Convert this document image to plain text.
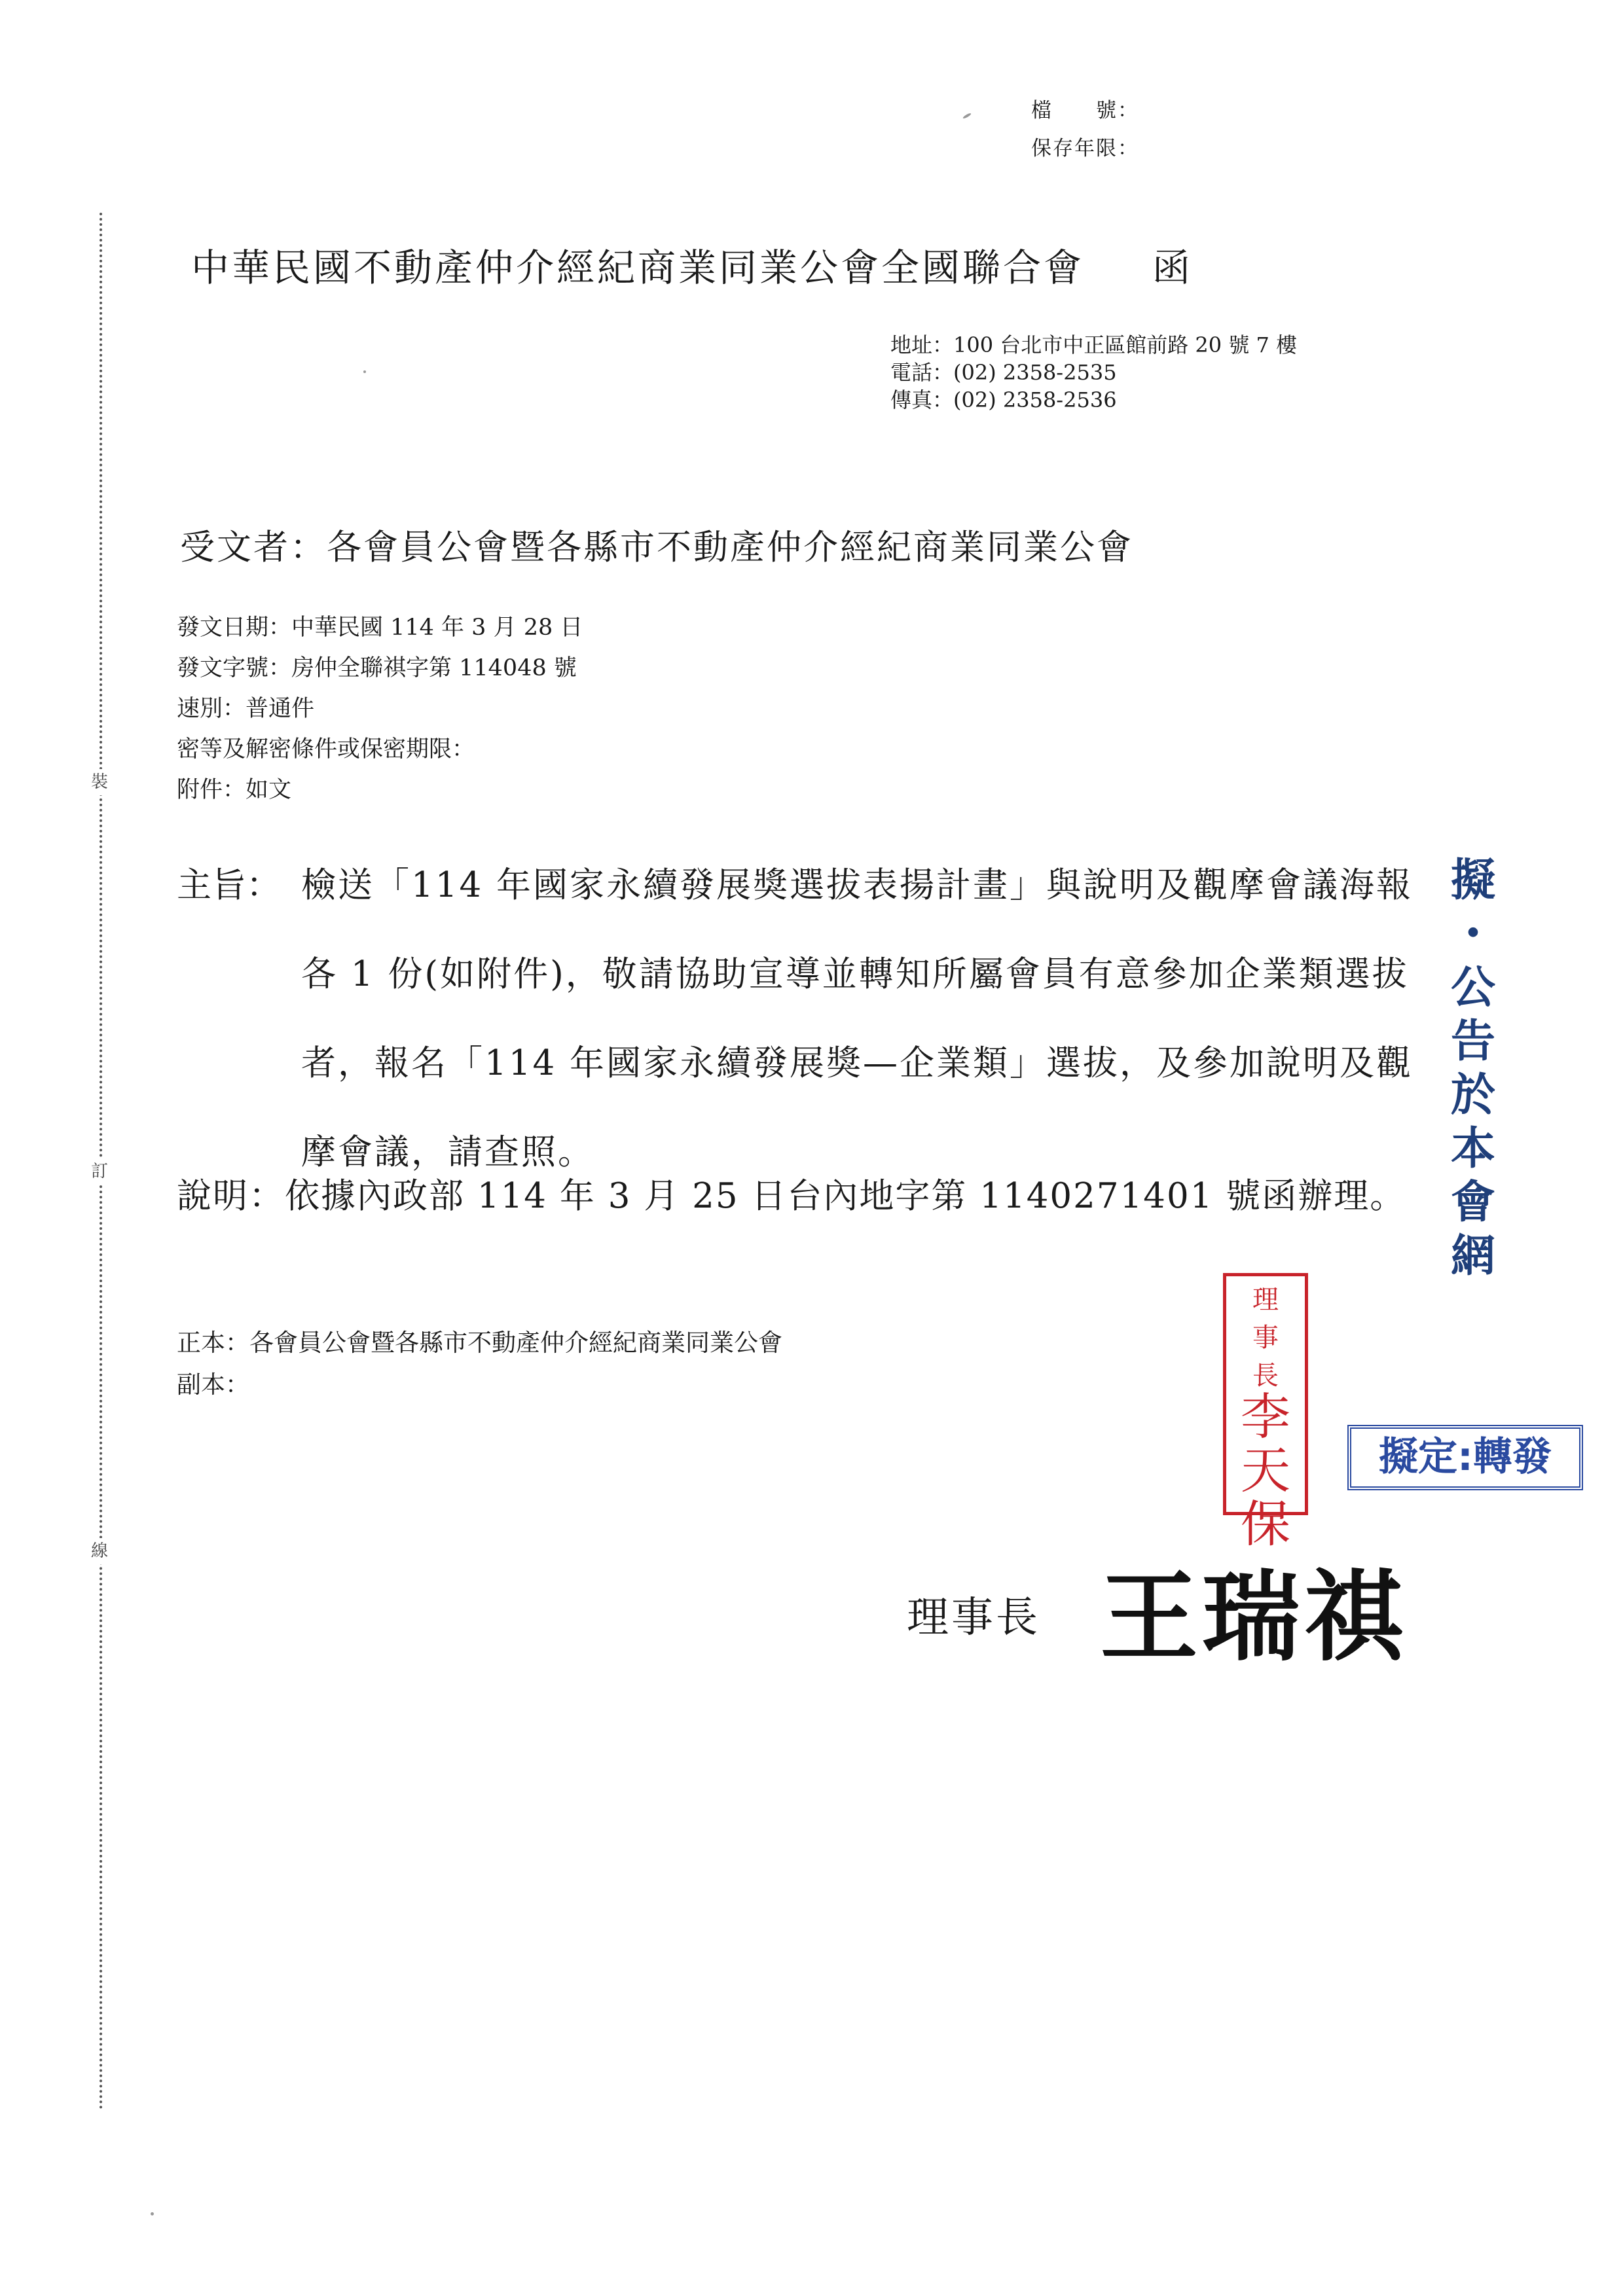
裝
訂
線
檔　　號：
保存年限：
中華民國不動產仲介經紀商業同業公會全國聯合會 函
地址：100 台北市中正區館前路 20 號 7 樓
電話：(02) 2358-2535
傳真：(02) 2358-2536
受文者：各會員公會暨各縣市不動產仲介經紀商業同業公會
發文日期：中華民國 114 年 3 月 28 日
發文字號：房仲全聯祺字第 114048 號
速別：普通件
密等及解密條件或保密期限：
附件：如文
主旨： 檢送「114 年國家永續發展獎選拔表揚計畫」與說明及觀摩會議海報各 1 份(如附件)，敬請協助宣導並轉知所屬會員有意參加企業類選拔者，報名「114 年國家永續發展獎—企業類」選拔，及參加說明及觀摩會議，請查照。
說明：依據內政部 114 年 3 月 25 日台內地字第 1140271401 號函辦理。
正本：各會員公會暨各縣市不動產仲介經紀商業同業公會
副本：
擬
・
公
告
於
本
會
網
理
事
長
李
天
保
擬定:轉發
理事長 王瑞祺
